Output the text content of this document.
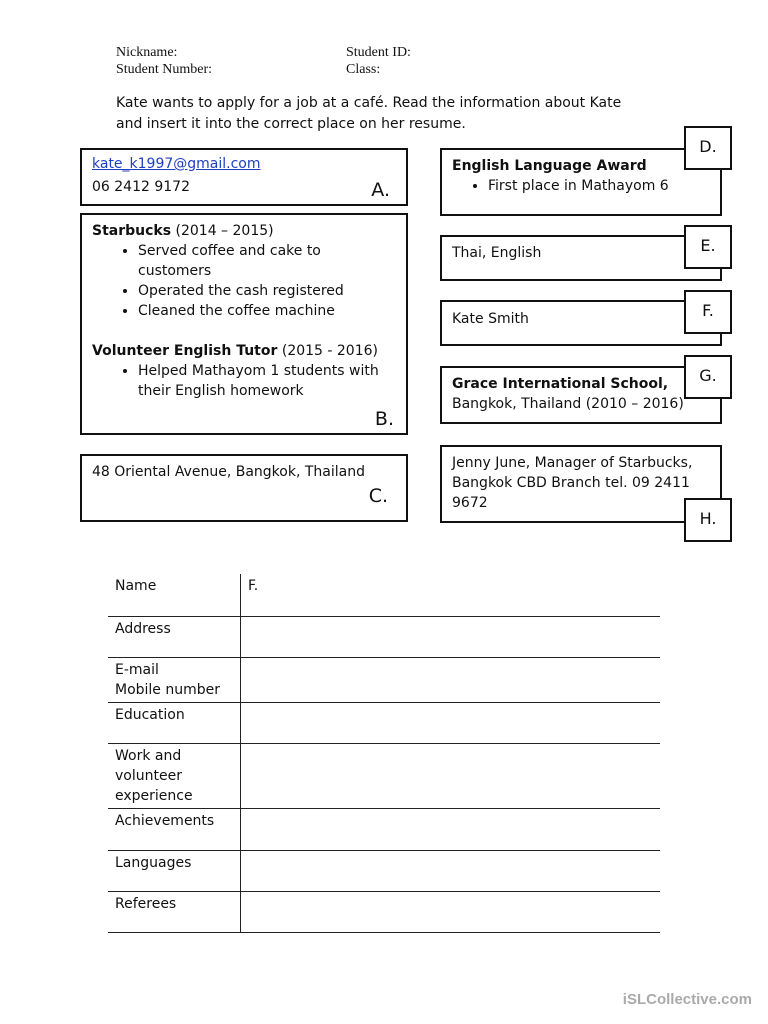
Nickname:	Student ID:
Student Number:	Class:
Kate wants to apply for a job at a café. Read the information about Kate
and insert it into the correct place on her resume.
kate_k1997@gmail.com
06 2412 9172	A.
Starbucks (2014 – 2015)
• Served coffee and cake to customers
• Operated the cash registered
• Cleaned the coffee machine
Volunteer English Tutor (2015 - 2016)
• Helped Mathayom 1 students with their English homework
B.
48 Oriental Avenue, Bangkok, Thailand
C.
English Language Award
• First place in Mathayom 6
D.
Thai, English	E.
Kate Smith	F.
Grace International School,
Bangkok, Thailand (2010 – 2016)
G.
Jenny June, Manager of Starbucks,
Bangkok CBD Branch tel. 09 2411
9672
H.
Name	F.
Address	
E-mail
Mobile number	
Education	
Work and volunteer experience	
Achievements	
Languages	
Referees	
iSLCollective.com
